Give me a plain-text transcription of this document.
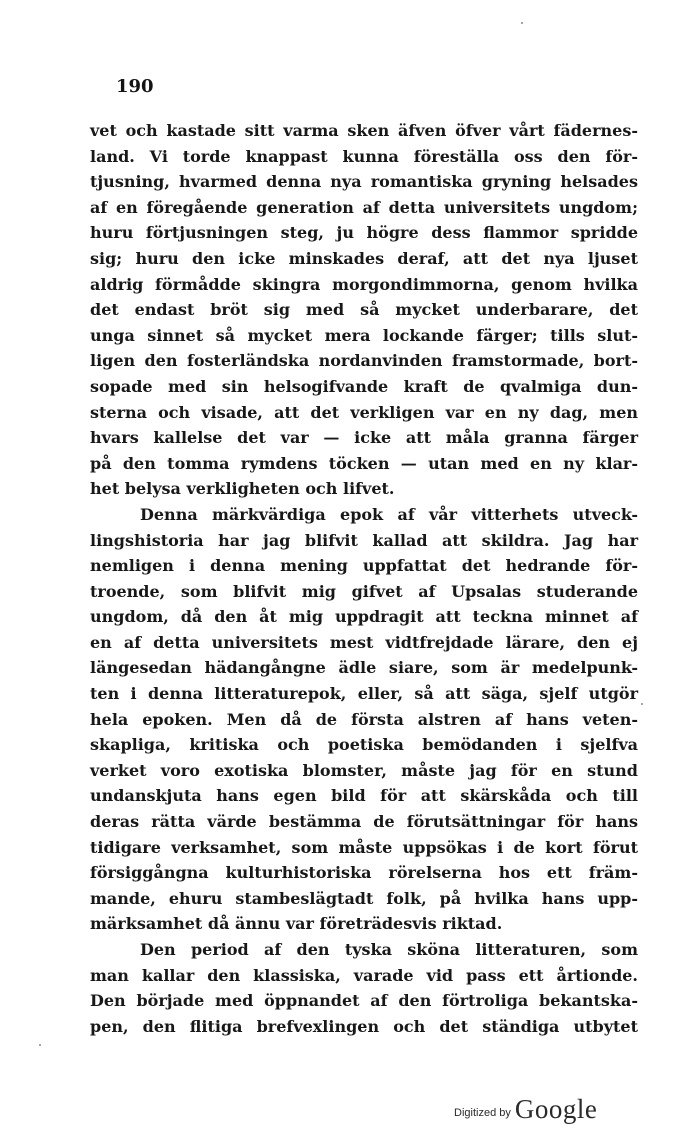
190
vet och kastade sitt varma sken äfven öfver vårt fädernes-
land. Vi torde knappast kunna föreställa oss den för-
tjusning, hvarmed denna nya romantiska gryning helsades
af en föregående generation af detta universitets ungdom;
huru förtjusningen steg, ju högre dess flammor spridde
sig; huru den icke minskades deraf, att det nya ljuset
aldrig förmådde skingra morgondimmorna, genom hvilka
det endast bröt sig med så mycket underbarare, det
unga sinnet så mycket mera lockande färger; tills slut-
ligen den fosterländska nordanvinden framstormade, bort-
sopade med sin helsogifvande kraft de qvalmiga dun-
sterna och visade, att det verkligen var en ny dag, men
hvars kallelse det var — icke att måla granna färger
på den tomma rymdens töcken — utan med en ny klar-
het belysa verkligheten och lifvet.
Denna märkvärdiga epok af vår vitterhets utveck-
lingshistoria har jag blifvit kallad att skildra. Jag har
nemligen i denna mening uppfattat det hedrande för-
troende, som blifvit mig gifvet af Upsalas studerande
ungdom, då den åt mig uppdragit att teckna minnet af
en af detta universitets mest vidtfrejdade lärare, den ej
längesedan hädangångne ädle siare, som är medelpunk-
ten i denna litteraturepok, eller, så att säga, sjelf utgör
hela epoken. Men då de första alstren af hans veten-
skapliga, kritiska och poetiska bemödanden i sjelfva
verket voro exotiska blomster, måste jag för en stund
undanskjuta hans egen bild för att skärskåda och till
deras rätta värde bestämma de förutsättningar för hans
tidigare verksamhet, som måste uppsökas i de kort förut
försiggångna kulturhistoriska rörelserna hos ett främ-
mande, ehuru stambeslägtadt folk, på hvilka hans upp-
märksamhet då ännu var företrädesvis riktad.
Den period af den tyska sköna litteraturen, som
man kallar den klassiska, varade vid pass ett årtionde.
Den började med öppnandet af den förtroliga bekantska-
pen, den flitiga brefvexlingen och det ständiga utbytet
Digitized by Google
